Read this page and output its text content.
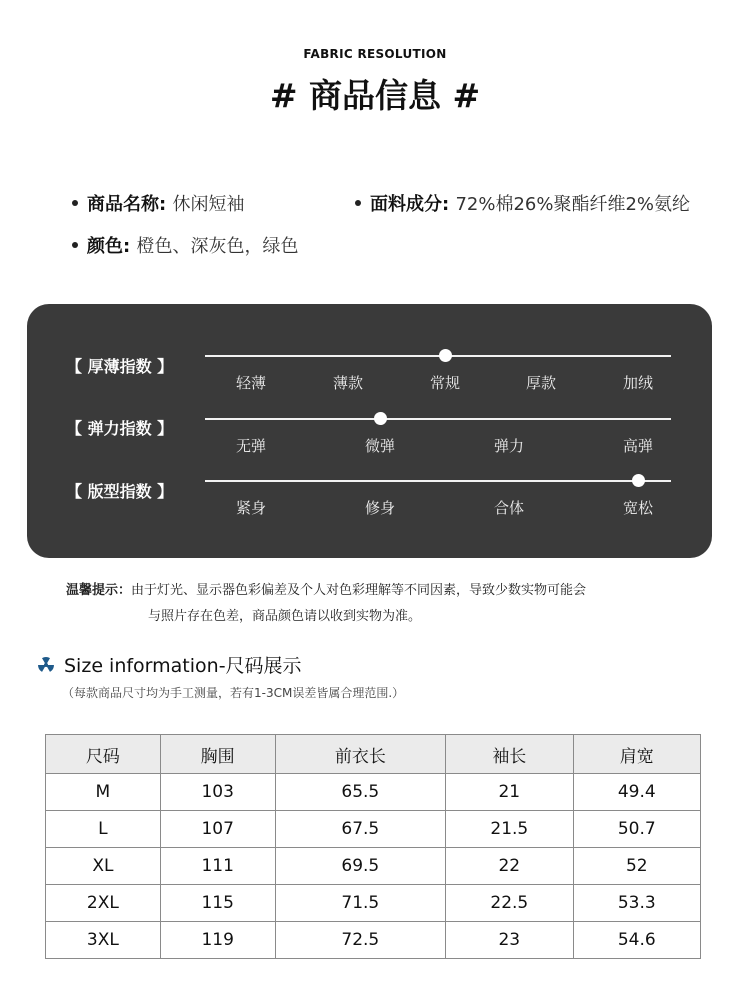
FABRIC RESOLUTION
# 商品信息 #
商品名称: 休闲短袖	面料成分: 72%棉26%聚酯纤维2%氨纶
颜色: 橙色、深灰色，绿色
【 厚薄指数 】
轻薄	薄款	常规	厚款	加绒
【 弹力指数 】
无弹	微弹	弹力	高弹
【 版型指数 】
紧身	修身	合体	宽松
温馨提示：由于灯光、显示器色彩偏差及个人对色彩理解等不同因素，导致少数实物可能会
与照片存在色差，商品颜色请以收到实物为准。
Size information-尺码展示
（每款商品尺寸均为手工测量，若有1-3CM误差皆属合理范围.）
尺码	胸围	前衣长	袖长	肩宽
M	103	65.5	21	49.4
L	107	67.5	21.5	50.7
XL	111	69.5	22	52
2XL	115	71.5	22.5	53.3
3XL	119	72.5	23	54.6
